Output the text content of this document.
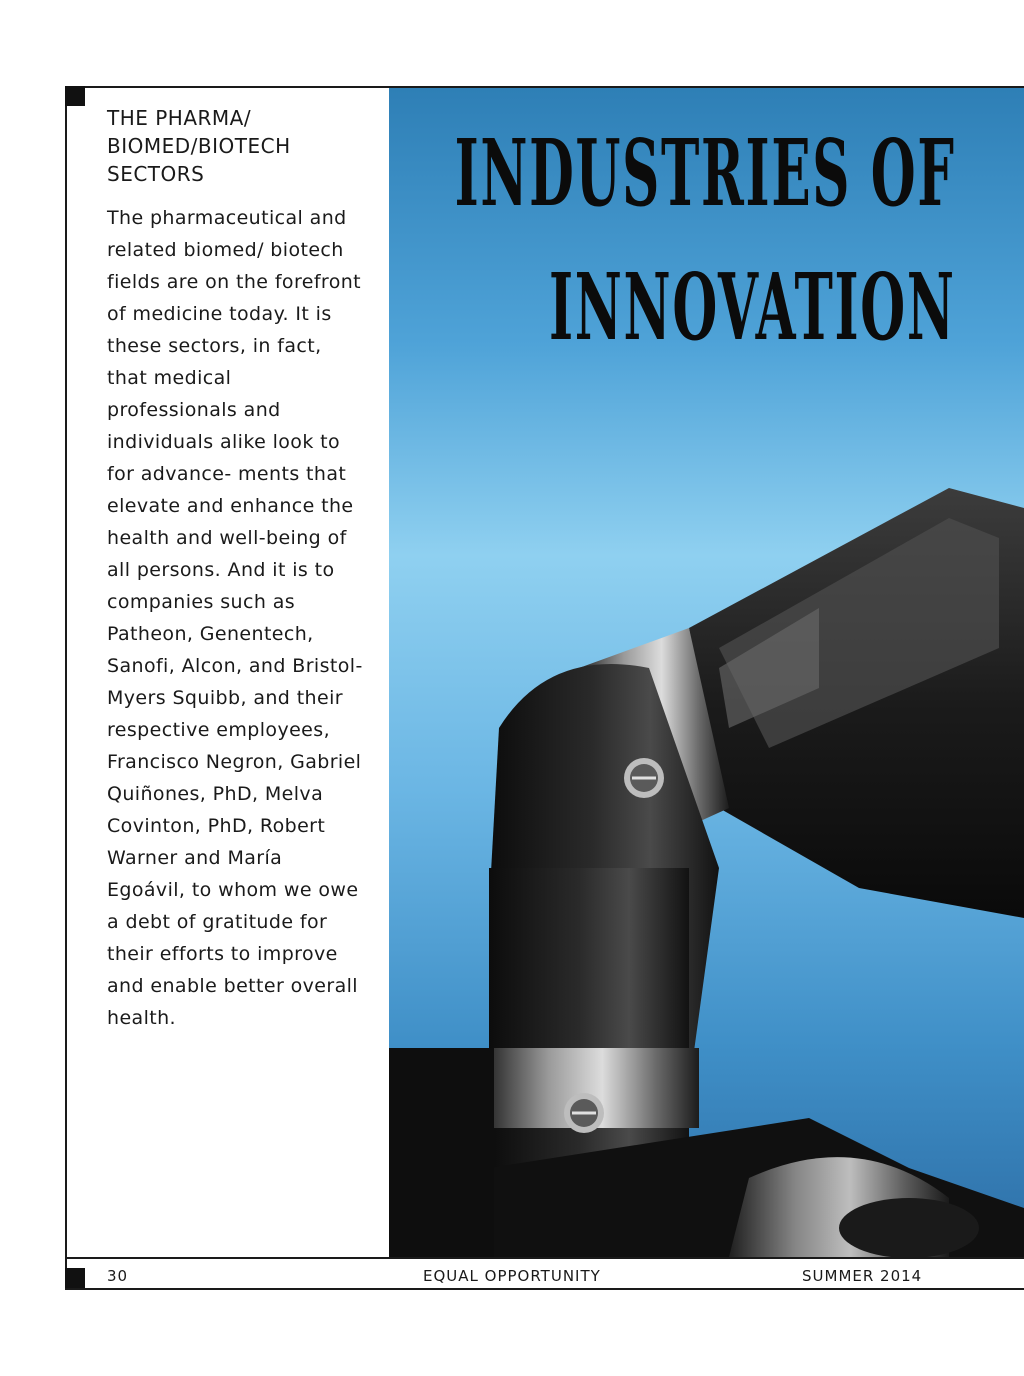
THE PHARMA/ BIOMED/BIOTECH SECTORS

The pharmaceutical and related biomed/ biotech fields are on the forefront of medicine today. It is these sectors, in fact, that medical professionals and individuals alike look to for advance- ments that elevate and enhance the health and well-being of all persons. And it is to companies such as Patheon, Genentech, Sanofi, Alcon, and Bristol- Myers Squibb, and their respective employees, Francisco Negron, Gabriel Quiñones, PhD, Melva Covinton, PhD, Robert Warner and María Egoávil, to whom we owe a debt of gratitude for their efforts to improve and enable better overall health.

INDUSTRIES OF
INNOVATION
30	EQUAL OPPORTUNITY	SUMMER 2014
